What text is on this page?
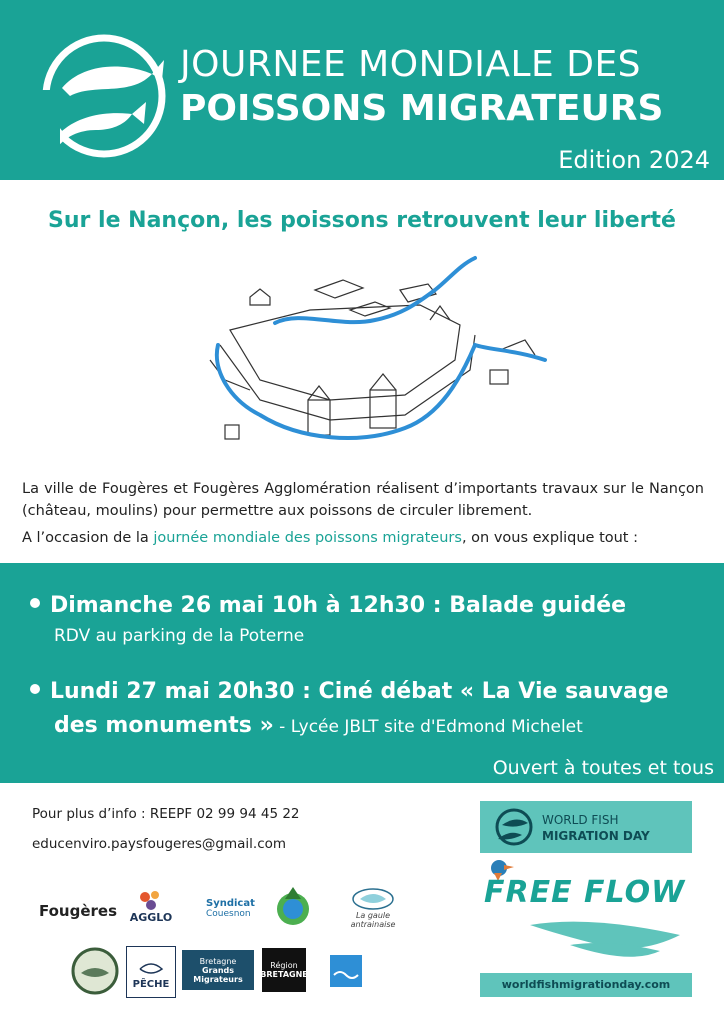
JOURNEE MONDIALE DES
POISSONS MIGRATEURS
Edition 2024
Sur le Nançon, les poissons retrouvent leur liberté
La ville de Fougères et Fougères Agglomération réalisent d’importants travaux sur le Nançon (château, moulins) pour permettre aux poissons de circuler librement.
A l’occasion de la journée mondiale des poissons migrateurs, on vous explique tout :
Dimanche 26 mai 10h à 12h30 : Balade guidée
RDV au parking de la Poterne
Lundi 27 mai 20h30 : Ciné débat « La Vie sauvage
des monuments » - Lycée JBLT site d'Edmond Michelet
Ouvert à toutes et tous
Pour plus d’info : REEPF 02 99 94 45 22
educenviro.paysfougeres@gmail.com
Fougères AGGLO
Syndicat
Couesnon	La gaule antrainaise
PÊCHE
Bretagne
Grands Migrateurs
Région
BRETAGNE
WORLD FISH
MIGRATION DAY
FREE FLOW
worldfishmigrationday.com
